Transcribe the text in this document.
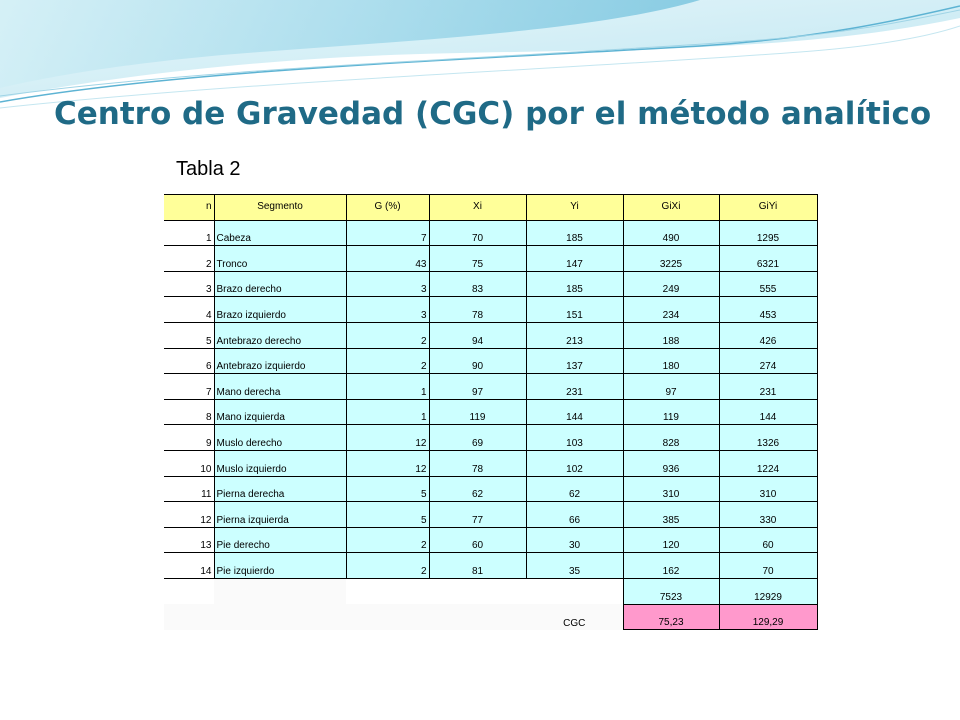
Centro de Gravedad (CGC) por el método analítico
Tabla 2
n	Segmento	G (%)	Xi	Yi	GiXi	GiYi
1	Cabeza	7	70	185	490	1295
2	Tronco	43	75	147	3225	6321
3	Brazo derecho	3	83	185	249	555
4	Brazo izquierdo	3	78	151	234	453
5	Antebrazo derecho	2	94	213	188	426
6	Antebrazo izquierdo	2	90	137	180	274
7	Mano derecha	1	97	231	97	231
8	Mano izquierda	1	119	144	119	144
9	Muslo derecho	12	69	103	828	1326
10	Muslo izquierdo	12	78	102	936	1224
11	Pierna derecha	5	62	62	310	310
12	Pierna izquierda	5	77	66	385	330
13	Pie derecho	2	60	30	120	60
14	Pie izquierdo	2	81	35	162	70
					7523	12929
				CGC	75,23	129,29
